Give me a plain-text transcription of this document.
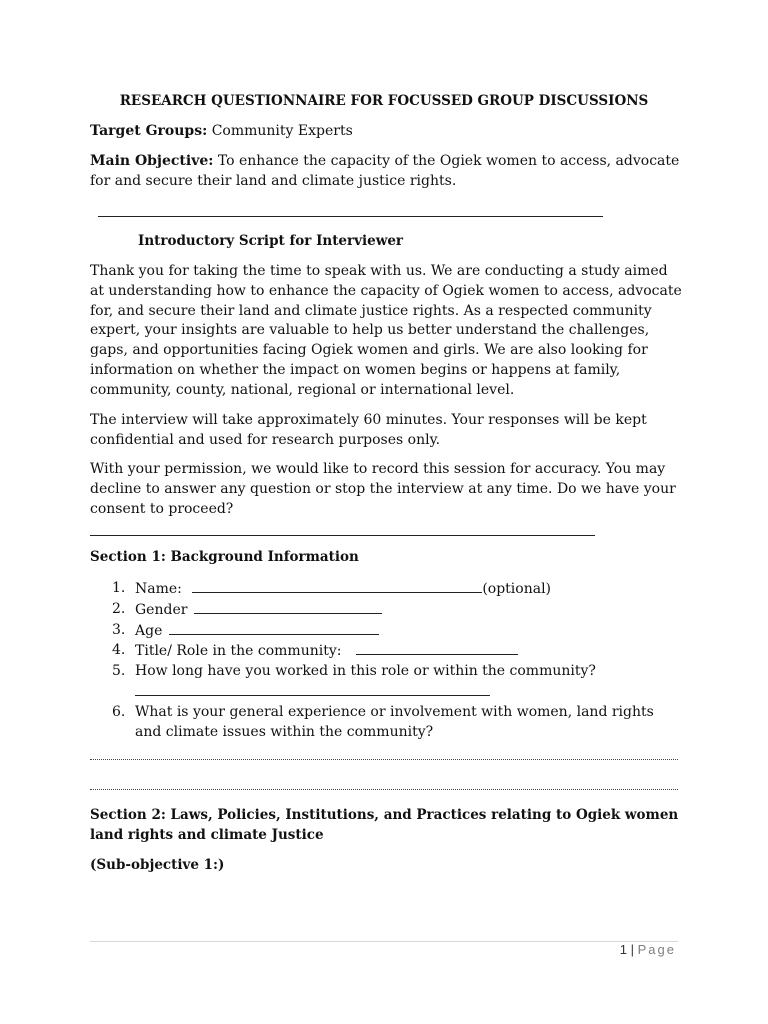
RESEARCH QUESTIONNAIRE FOR FOCUSSED GROUP DISCUSSIONS
Target Groups: Community Experts
Main Objective: To enhance the capacity of the Ogiek women to access, advocate for and secure their land and climate justice rights.
Introductory Script for Interviewer
Thank you for taking the time to speak with us. We are conducting a study aimed at understanding how to enhance the capacity of Ogiek women to access, advocate for, and secure their land and climate justice rights. As a respected community expert, your insights are valuable to help us better understand the challenges, gaps, and opportunities facing Ogiek women and girls. We are also looking for information on whether the impact on women begins or happens at family, community, county, national, regional or international level.
The interview will take approximately 60 minutes. Your responses will be kept confidential and used for research purposes only.
With your permission, we would like to record this session for accuracy. You may decline to answer any question or stop the interview at any time. Do we have your consent to proceed?
Section 1: Background Information
1. Name:	(optional)
2. Gender
3. Age
4. Title/ Role in the community:
5. How long have you worked in this role or within the community?
6. What is your general experience or involvement with women, land rights and climate issues within the community?
Section 2: Laws, Policies, Institutions, and Practices relating to Ogiek women land rights and climate Justice
(Sub-objective 1:)
1 | Page
